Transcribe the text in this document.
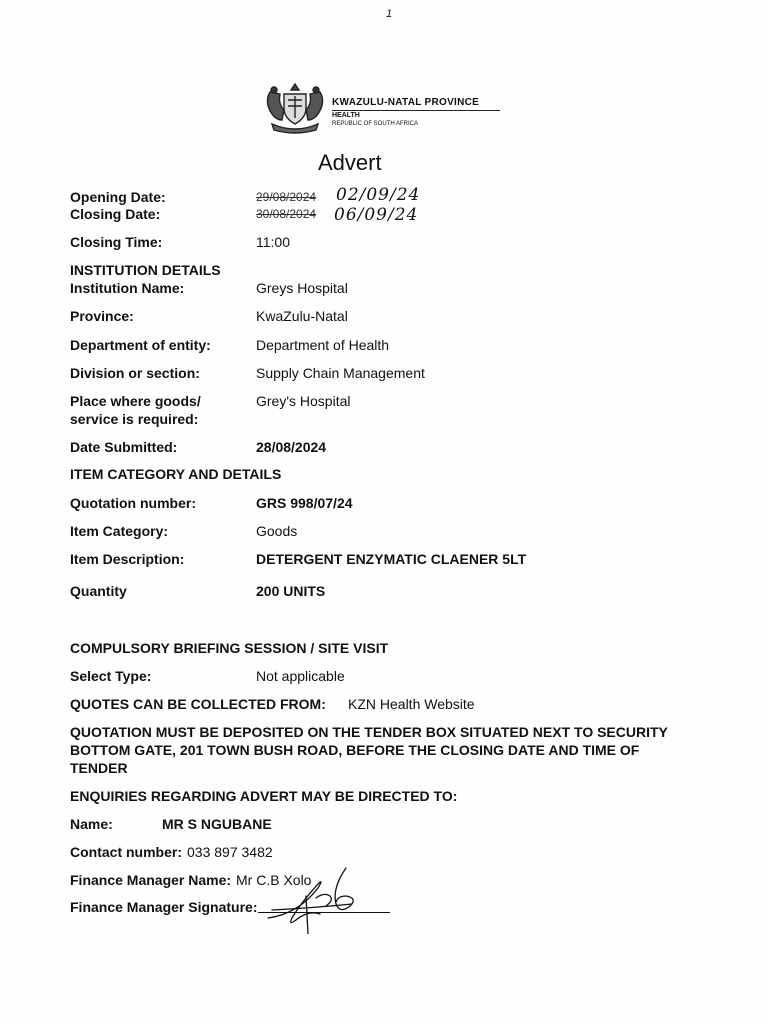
1
KWAZULU-NATAL PROVINCE
HEALTH
REPUBLIC OF SOUTH AFRICA
Advert
Opening Date:	29/08/2024 02/09/24
Closing Date:	30/08/2024 06/09/24
Closing Time:	11:00
INSTITUTION DETAILS
Institution Name:	Greys Hospital
Province:	KwaZulu-Natal
Department of entity:	Department of Health
Division or section:	Supply Chain Management
Place where goods/
service is required:
Grey's Hospital
Date Submitted:	28/08/2024
ITEM CATEGORY AND DETAILS
Quotation number:	GRS 998/07/24
Item Category:	Goods
Item Description:	DETERGENT ENZYMATIC CLAENER 5LT
Quantity	200 UNITS
COMPULSORY BRIEFING SESSION / SITE VISIT
Select Type:	Not applicable
QUOTES CAN BE COLLECTED FROM: KZN Health Website
QUOTATION MUST BE DEPOSITED ON THE TENDER BOX SITUATED NEXT TO SECURITY
BOTTOM GATE, 201 TOWN BUSH ROAD, BEFORE THE CLOSING DATE AND TIME OF
TENDER
ENQUIRIES REGARDING ADVERT MAY BE DIRECTED TO:
Name:	MR S NGUBANE
Contact number: 033 897 3482
Finance Manager Name: Mr C.B Xolo
Finance Manager Signature:
